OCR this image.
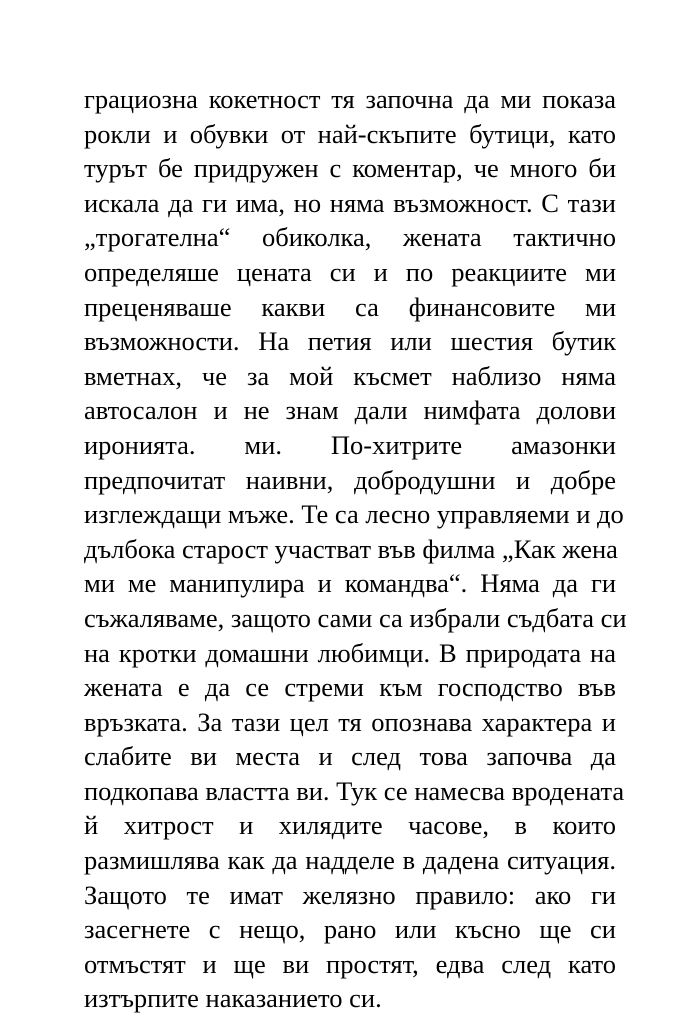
грациозна кокетност тя започна да ми показа
рокли и обувки от най-скъпите бутици, като
турът бе придружен с коментар, че много би
искала да ги има, но няма възможност. С тази
„трогателна“ обиколка, жената тактично
определяше цената си и по реакциите ми
преценяваше какви са финансовите ми
възможности. На петия или шестия бутик
вметнах, че за мой късмет наблизо няма
автосалон и не знам дали нимфата долови
иронията. ми. По-хитрите амазонки
предпочитат наивни, добродушни и добре
изглеждащи мъже. Те са лесно управляеми и до
дълбока старост участват във филма „Как жена
ми ме манипулира и командва“. Няма да ги
съжаляваме, защото сами са избрали съдбата си
на кротки домашни любимци. В природата на
жената е да се стреми към господство във
връзката. За тази цел тя опознава характера и
слабите ви места и след това започва да
подкопава властта ви. Тук се намесва вродената
й хитрост и хилядите часове, в които
размишлява как да надделе в дадена ситуация.
Защото те имат желязно правило: ако ги
засегнете с нещо, рано или късно ще си
отмъстят и ще ви простят, едва след като
изтърпите наказанието си.
